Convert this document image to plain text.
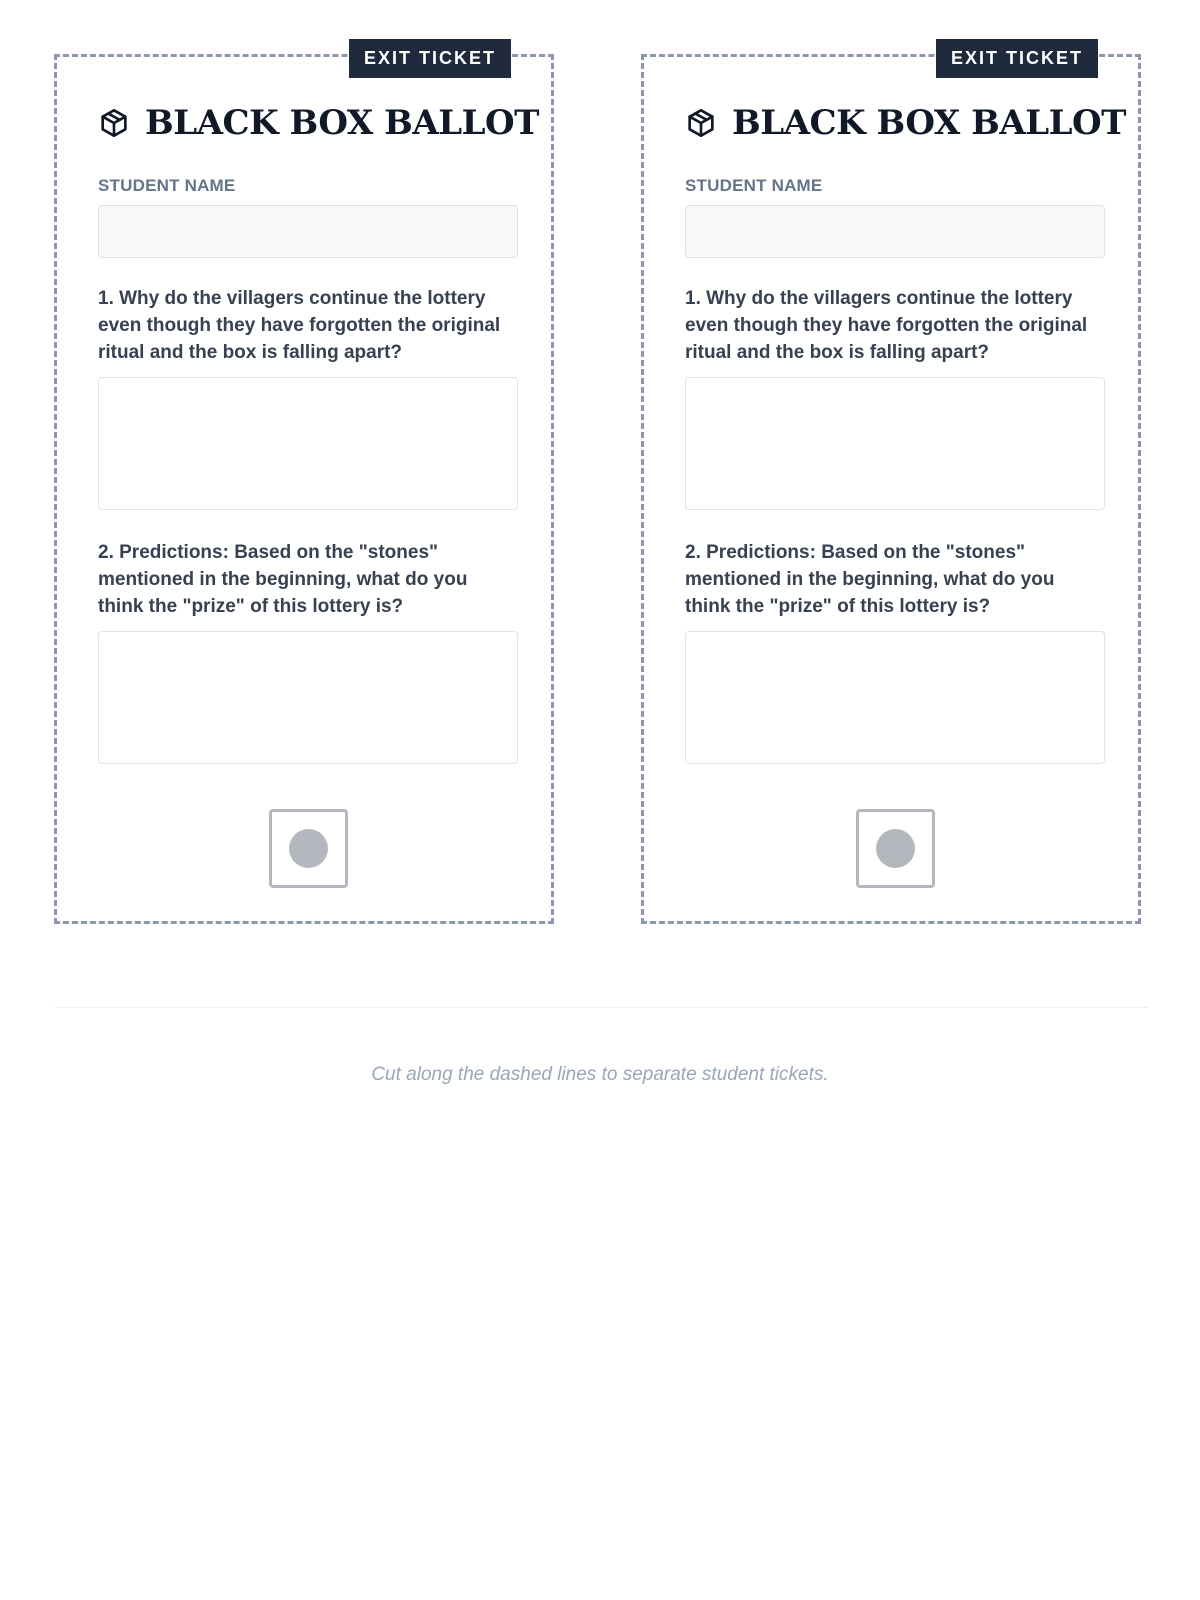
EXIT TICKET
BLACK BOX BALLOT
STUDENT NAME
1. Why do the villagers continue the lottery even though they have forgotten the original ritual and the box is falling apart?
2. Predictions: Based on the "stones" mentioned in the beginning, what do you think the "prize" of this lottery is?
EXIT TICKET
BLACK BOX BALLOT
STUDENT NAME
1. Why do the villagers continue the lottery even though they have forgotten the original ritual and the box is falling apart?
2. Predictions: Based on the "stones" mentioned in the beginning, what do you think the "prize" of this lottery is?
Cut along the dashed lines to separate student tickets.
